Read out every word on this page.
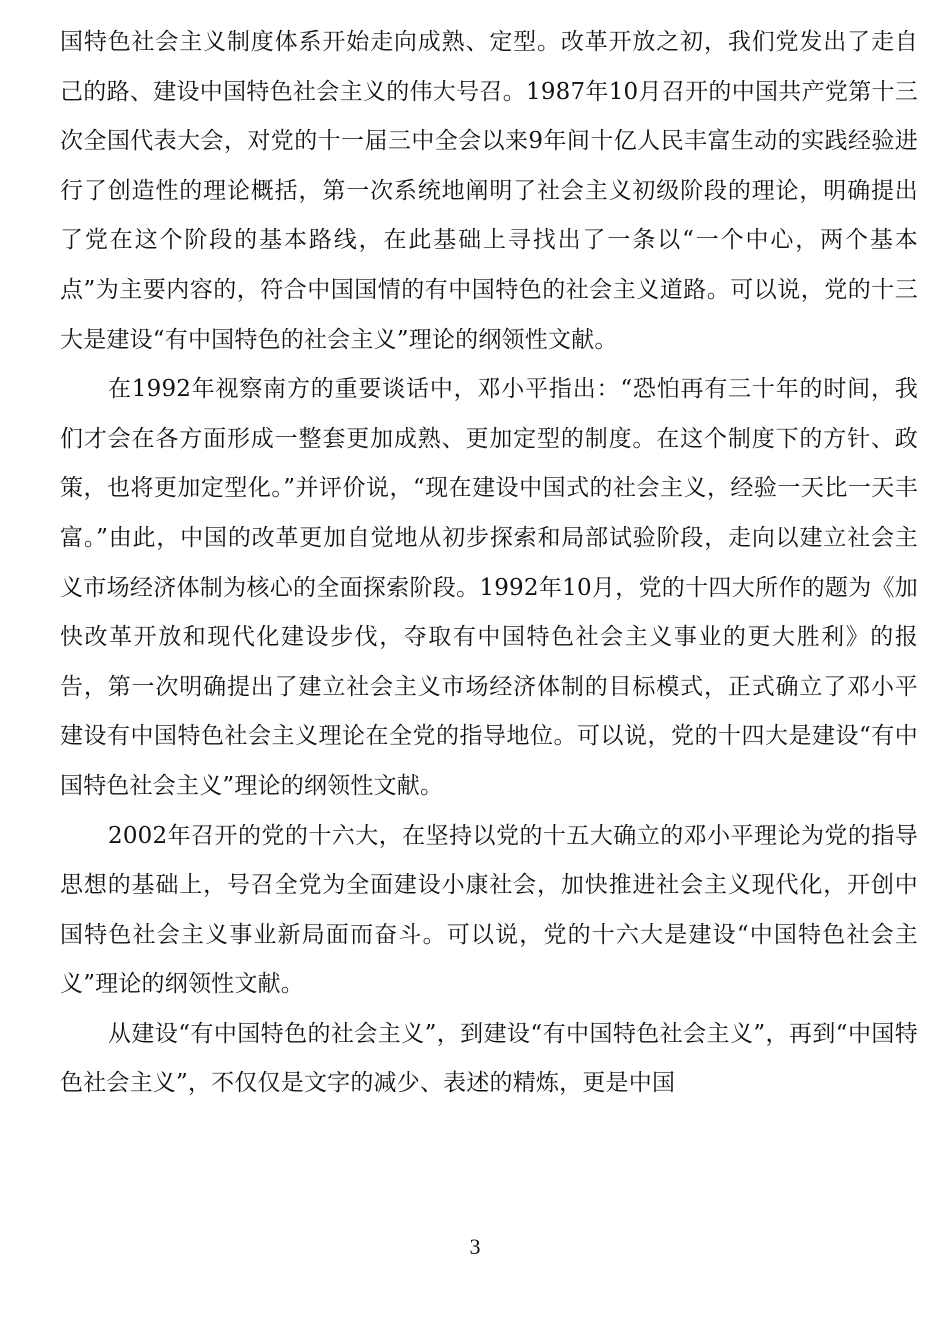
国特色社会主义制度体系开始走向成熟、定型。改革开放之初，我们党发出了走自己的路、建设中国特色社会主义的伟大号召。1987年10月召开的中国共产党第十三次全国代表大会，对党的十一届三中全会以来9年间十亿人民丰富生动的实践经验进行了创造性的理论概括，第一次系统地阐明了社会主义初级阶段的理论，明确提出了党在这个阶段的基本路线，在此基础上寻找出了一条以“一个中心，两个基本点”为主要内容的，符合中国国情的有中国特色的社会主义道路。可以说，党的十三大是建设“有中国特色的社会主义”理论的纲领性文献。

在1992年视察南方的重要谈话中，邓小平指出：“恐怕再有三十年的时间，我们才会在各方面形成一整套更加成熟、更加定型的制度。在这个制度下的方针、政策，也将更加定型化。”并评价说，“现在建设中国式的社会主义，经验一天比一天丰富。”由此，中国的改革更加自觉地从初步探索和局部试验阶段，走向以建立社会主义市场经济体制为核心的全面探索阶段。1992年10月，党的十四大所作的题为《加快改革开放和现代化建设步伐，夺取有中国特色社会主义事业的更大胜利》的报告，第一次明确提出了建立社会主义市场经济体制的目标模式，正式确立了邓小平建设有中国特色社会主义理论在全党的指导地位。可以说，党的十四大是建设“有中国特色社会主义”理论的纲领性文献。

2002年召开的党的十六大，在坚持以党的十五大确立的邓小平理论为党的指导思想的基础上，号召全党为全面建设小康社会，加快推进社会主义现代化，开创中国特色社会主义事业新局面而奋斗。可以说，党的十六大是建设“中国特色社会主义”理论的纲领性文献。

从建设“有中国特色的社会主义”，到建设“有中国特色社会主义”，再到“中国特色社会主义”，不仅仅是文字的减少、表述的精炼，更是中国

3
